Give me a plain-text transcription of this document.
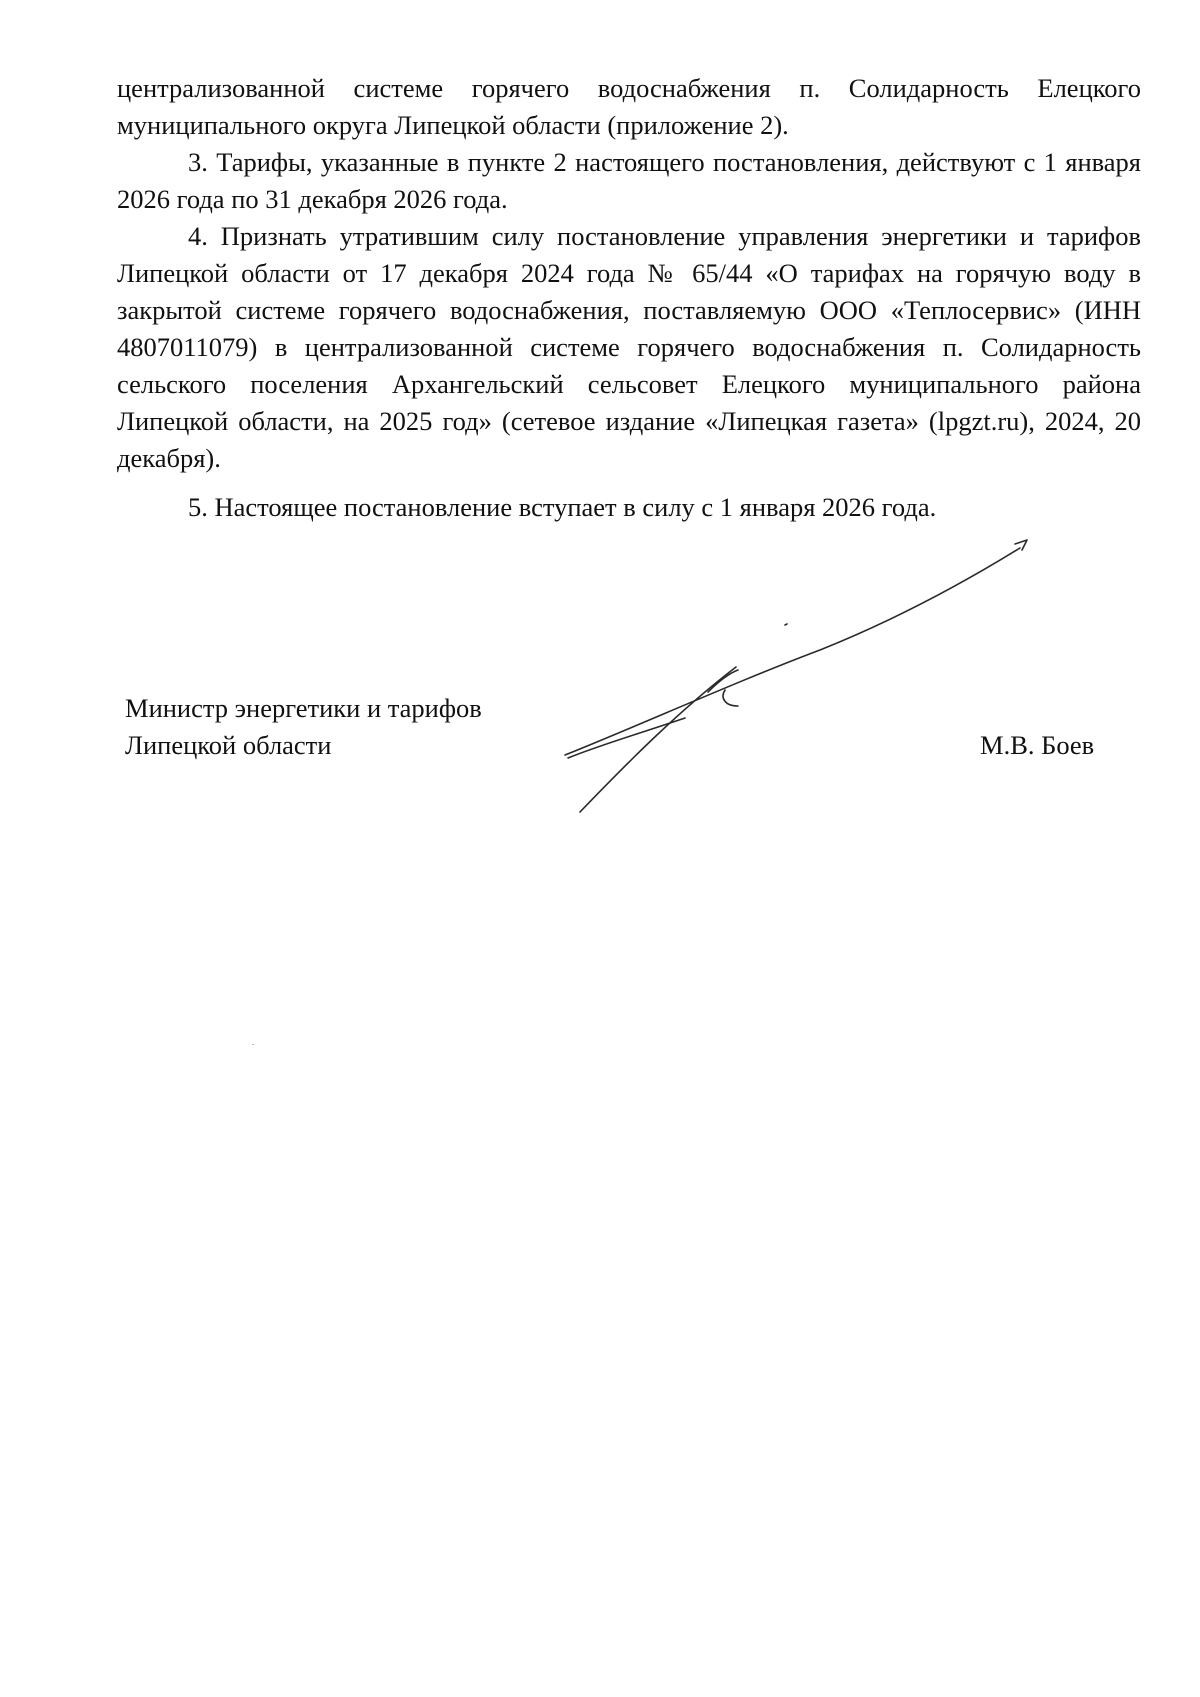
централизованной системе горячего водоснабжения п. Солидарность Елецкого муниципального округа Липецкой области (приложение 2).

3. Тарифы, указанные в пункте 2 настоящего постановления, действуют с 1 января 2026 года по 31 декабря 2026 года.

4. Признать утратившим силу постановление управления энергетики и тарифов Липецкой области от 17 декабря 2024 года № 65/44 «О тарифах на горячую воду в закрытой системе горячего водоснабжения, поставляемую ООО «Теплосервис» (ИНН 4807011079) в централизованной системе горячего водоснабжения п. Солидарность сельского поселения Архангельский сельсовет Елецкого муниципального района Липецкой области, на 2025 год» (сетевое издание «Липецкая газета» (lpgzt.ru), 2024, 20 декабря).

5. Настоящее постановление вступает в силу с 1 января 2026 года.

Министр энергетики и тарифов
Липецкой области	М.В. Боев
